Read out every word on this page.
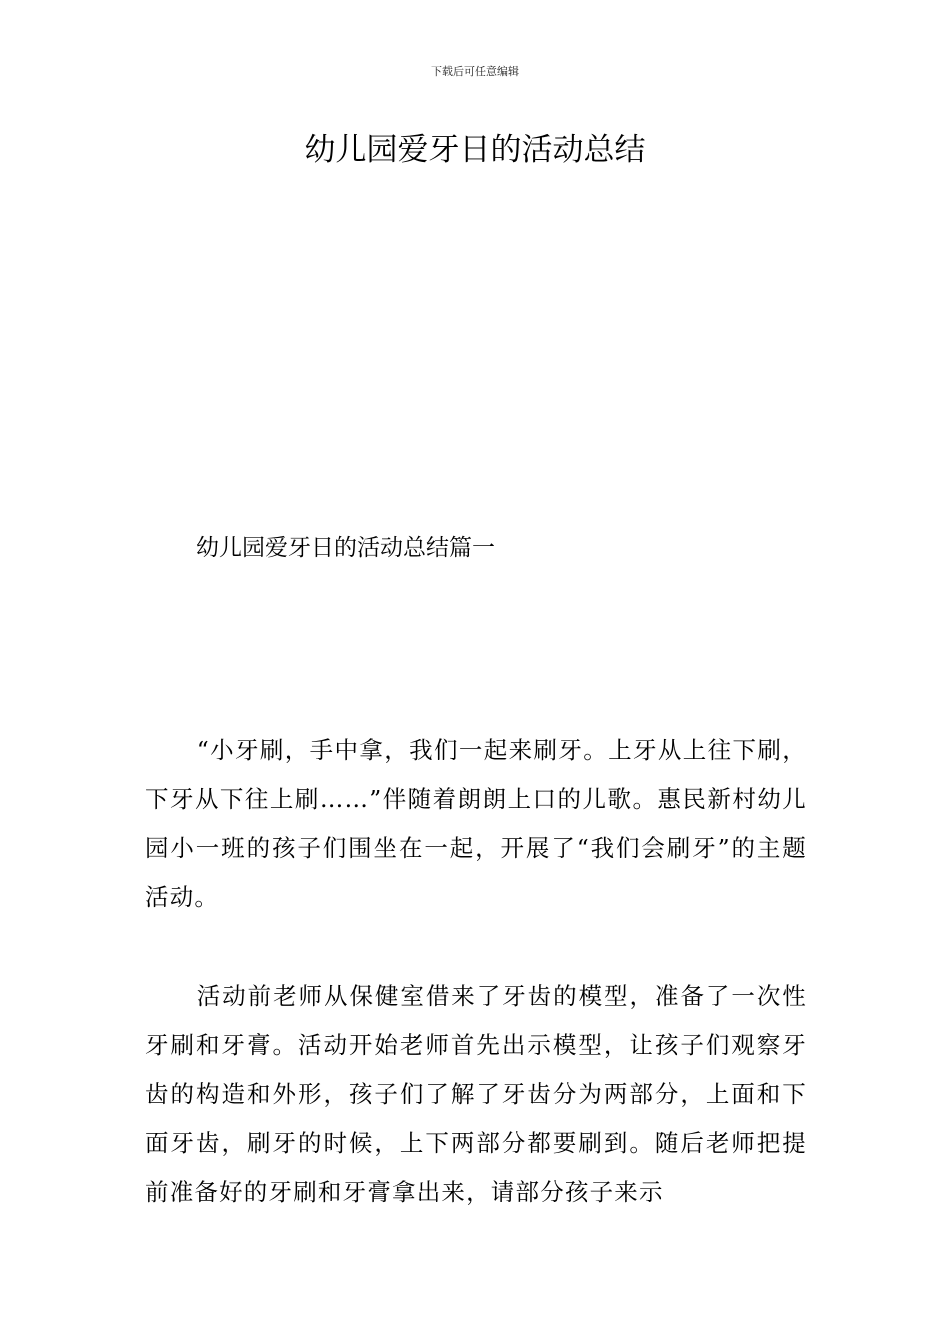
下载后可任意编辑
幼儿园爱牙日的活动总结
幼儿园爱牙日的活动总结篇一

“小牙刷，手中拿，我们一起来刷牙。上牙从上往下刷，下牙从下往上刷……”伴随着朗朗上口的儿歌。惠民新村幼儿园小一班的孩子们围坐在一起，开展了“我们会刷牙”的主题活动。

活动前老师从保健室借来了牙齿的模型，准备了一次性牙刷和牙膏。活动开始老师首先出示模型，让孩子们观察牙齿的构造和外形，孩子们了解了牙齿分为两部分，上面和下面牙齿，刷牙的时候，上下两部分都要刷到。随后老师把提前准备好的牙刷和牙膏拿出来，请部分孩子来示
